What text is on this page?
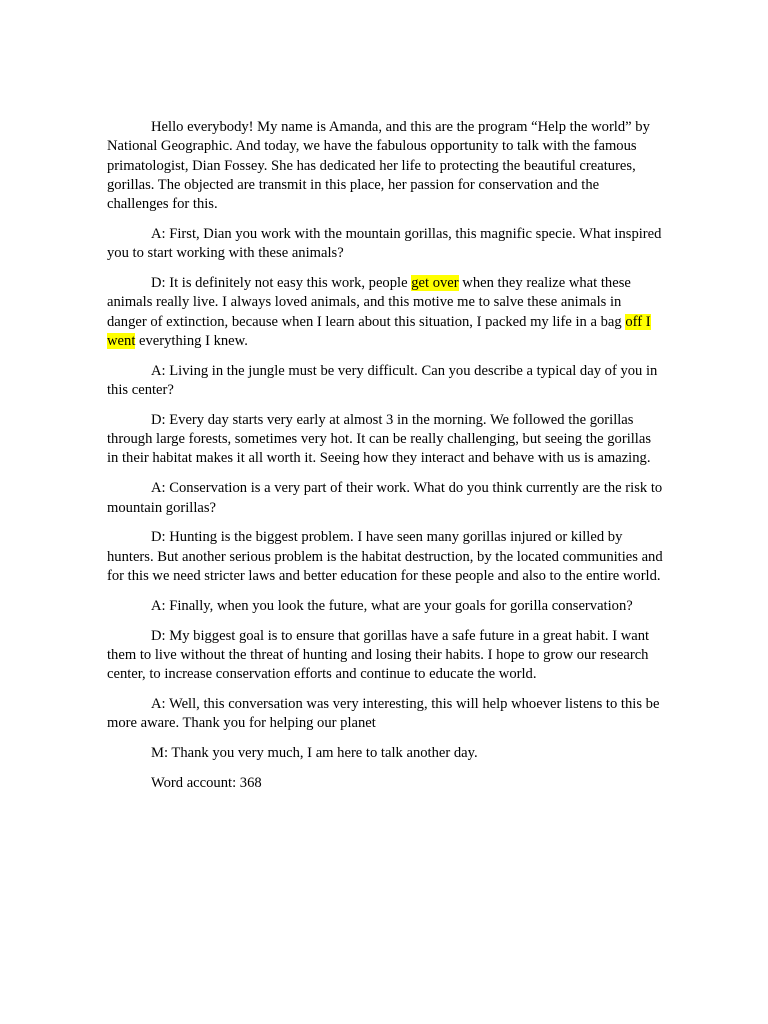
Hello everybody! My name is Amanda, and this are the program “Help the world” by National Geographic. And today, we have the fabulous opportunity to talk with the famous primatologist, Dian Fossey. She has dedicated her life to protecting the beautiful creatures, gorillas. The objected are transmit in this place, her passion for conservation and the challenges for this.

A: First, Dian you work with the mountain gorillas, this magnific specie. What inspired you to start working with these animals?

D: It is definitely not easy this work, people get over when they realize what these animals really live. I always loved animals, and this motive me to salve these animals in danger of extinction, because when I learn about this situation, I packed my life in a bag off I went everything I knew.

A: Living in the jungle must be very difficult. Can you describe a typical day of you in this center?

D: Every day starts very early at almost 3 in the morning. We followed the gorillas through large forests, sometimes very hot. It can be really challenging, but seeing the gorillas in their habitat makes it all worth it. Seeing how they interact and behave with us is amazing.

A: Conservation is a very part of their work. What do you think currently are the risk to mountain gorillas?

D: Hunting is the biggest problem. I have seen many gorillas injured or killed by hunters. But another serious problem is the habitat destruction, by the located communities and for this we need stricter laws and better education for these people and also to the entire world.

A: Finally, when you look the future, what are your goals for gorilla conservation?

D: My biggest goal is to ensure that gorillas have a safe future in a great habit. I want them to live without the threat of hunting and losing their habits. I hope to grow our research center, to increase conservation efforts and continue to educate the world.

A: Well, this conversation was very interesting, this will help whoever listens to this be more aware. Thank you for helping our planet

M: Thank you very much, I am here to talk another day.

Word account: 368
